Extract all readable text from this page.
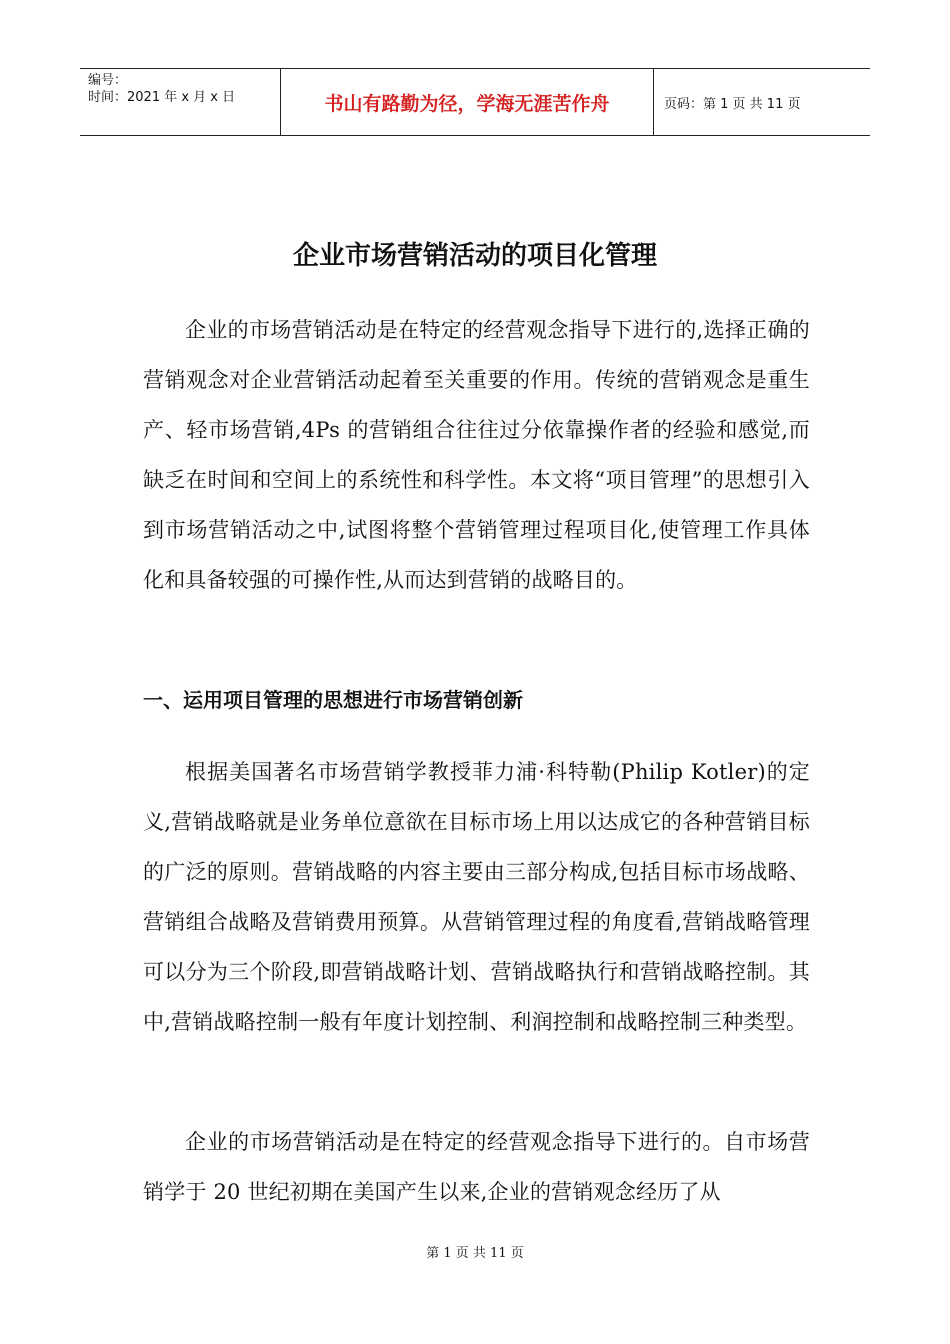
编号：
时间：2021 年 x 月 x 日	书山有路勤为径，学海无涯苦作舟	页码：第 1 页 共 11 页
企业市场营销活动的项目化管理

企业的市场营销活动是在特定的经营观念指导下进行的,选择正确的营销观念对企业营销活动起着至关重要的作用。传统的营销观念是重生产、轻市场营销,4Ps 的营销组合往往过分依靠操作者的经验和感觉,而缺乏在时间和空间上的系统性和科学性。本文将“项目管理”的思想引入到市场营销活动之中,试图将整个营销管理过程项目化,使管理工作具体化和具备较强的可操作性,从而达到营销的战略目的。

一、运用项目管理的思想进行市场营销创新

根据美国著名市场营销学教授菲力浦·科特勒(Philip Kotler)的定义,营销战略就是业务单位意欲在目标市场上用以达成它的各种营销目标的广泛的原则。营销战略的内容主要由三部分构成,包括目标市场战略、营销组合战略及营销费用预算。从营销管理过程的角度看,营销战略管理可以分为三个阶段,即营销战略计划、营销战略执行和营销战略控制。其中,营销战略控制一般有年度计划控制、利润控制和战略控制三种类型。

企业的市场营销活动是在特定的经营观念指导下进行的。自市场营销学于 20 世纪初期在美国产生以来,企业的营销观念经历了从

第 1 页 共 11 页
